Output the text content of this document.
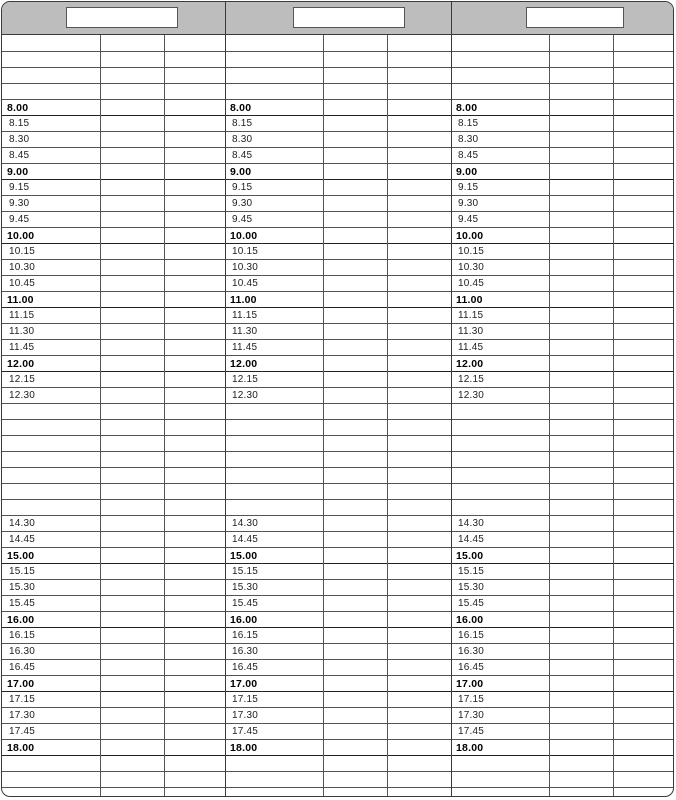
8.00
8.15
8.30
8.45
9.00
9.15
9.30
9.45
10.00
10.15
10.30
10.45
11.00
11.15
11.30
11.45
12.00
12.15
12.30
14.30
14.45
15.00
15.15
15.30
15.45
16.00
16.15
16.30
16.45
17.00
17.15
17.30
17.45
18.00
8.00
8.15
8.30
8.45
9.00
9.15
9.30
9.45
10.00
10.15
10.30
10.45
11.00
11.15
11.30
11.45
12.00
12.15
12.30
14.30
14.45
15.00
15.15
15.30
15.45
16.00
16.15
16.30
16.45
17.00
17.15
17.30
17.45
18.00
8.00
8.15
8.30
8.45
9.00
9.15
9.30
9.45
10.00
10.15
10.30
10.45
11.00
11.15
11.30
11.45
12.00
12.15
12.30
14.30
14.45
15.00
15.15
15.30
15.45
16.00
16.15
16.30
16.45
17.00
17.15
17.30
17.45
18.00
